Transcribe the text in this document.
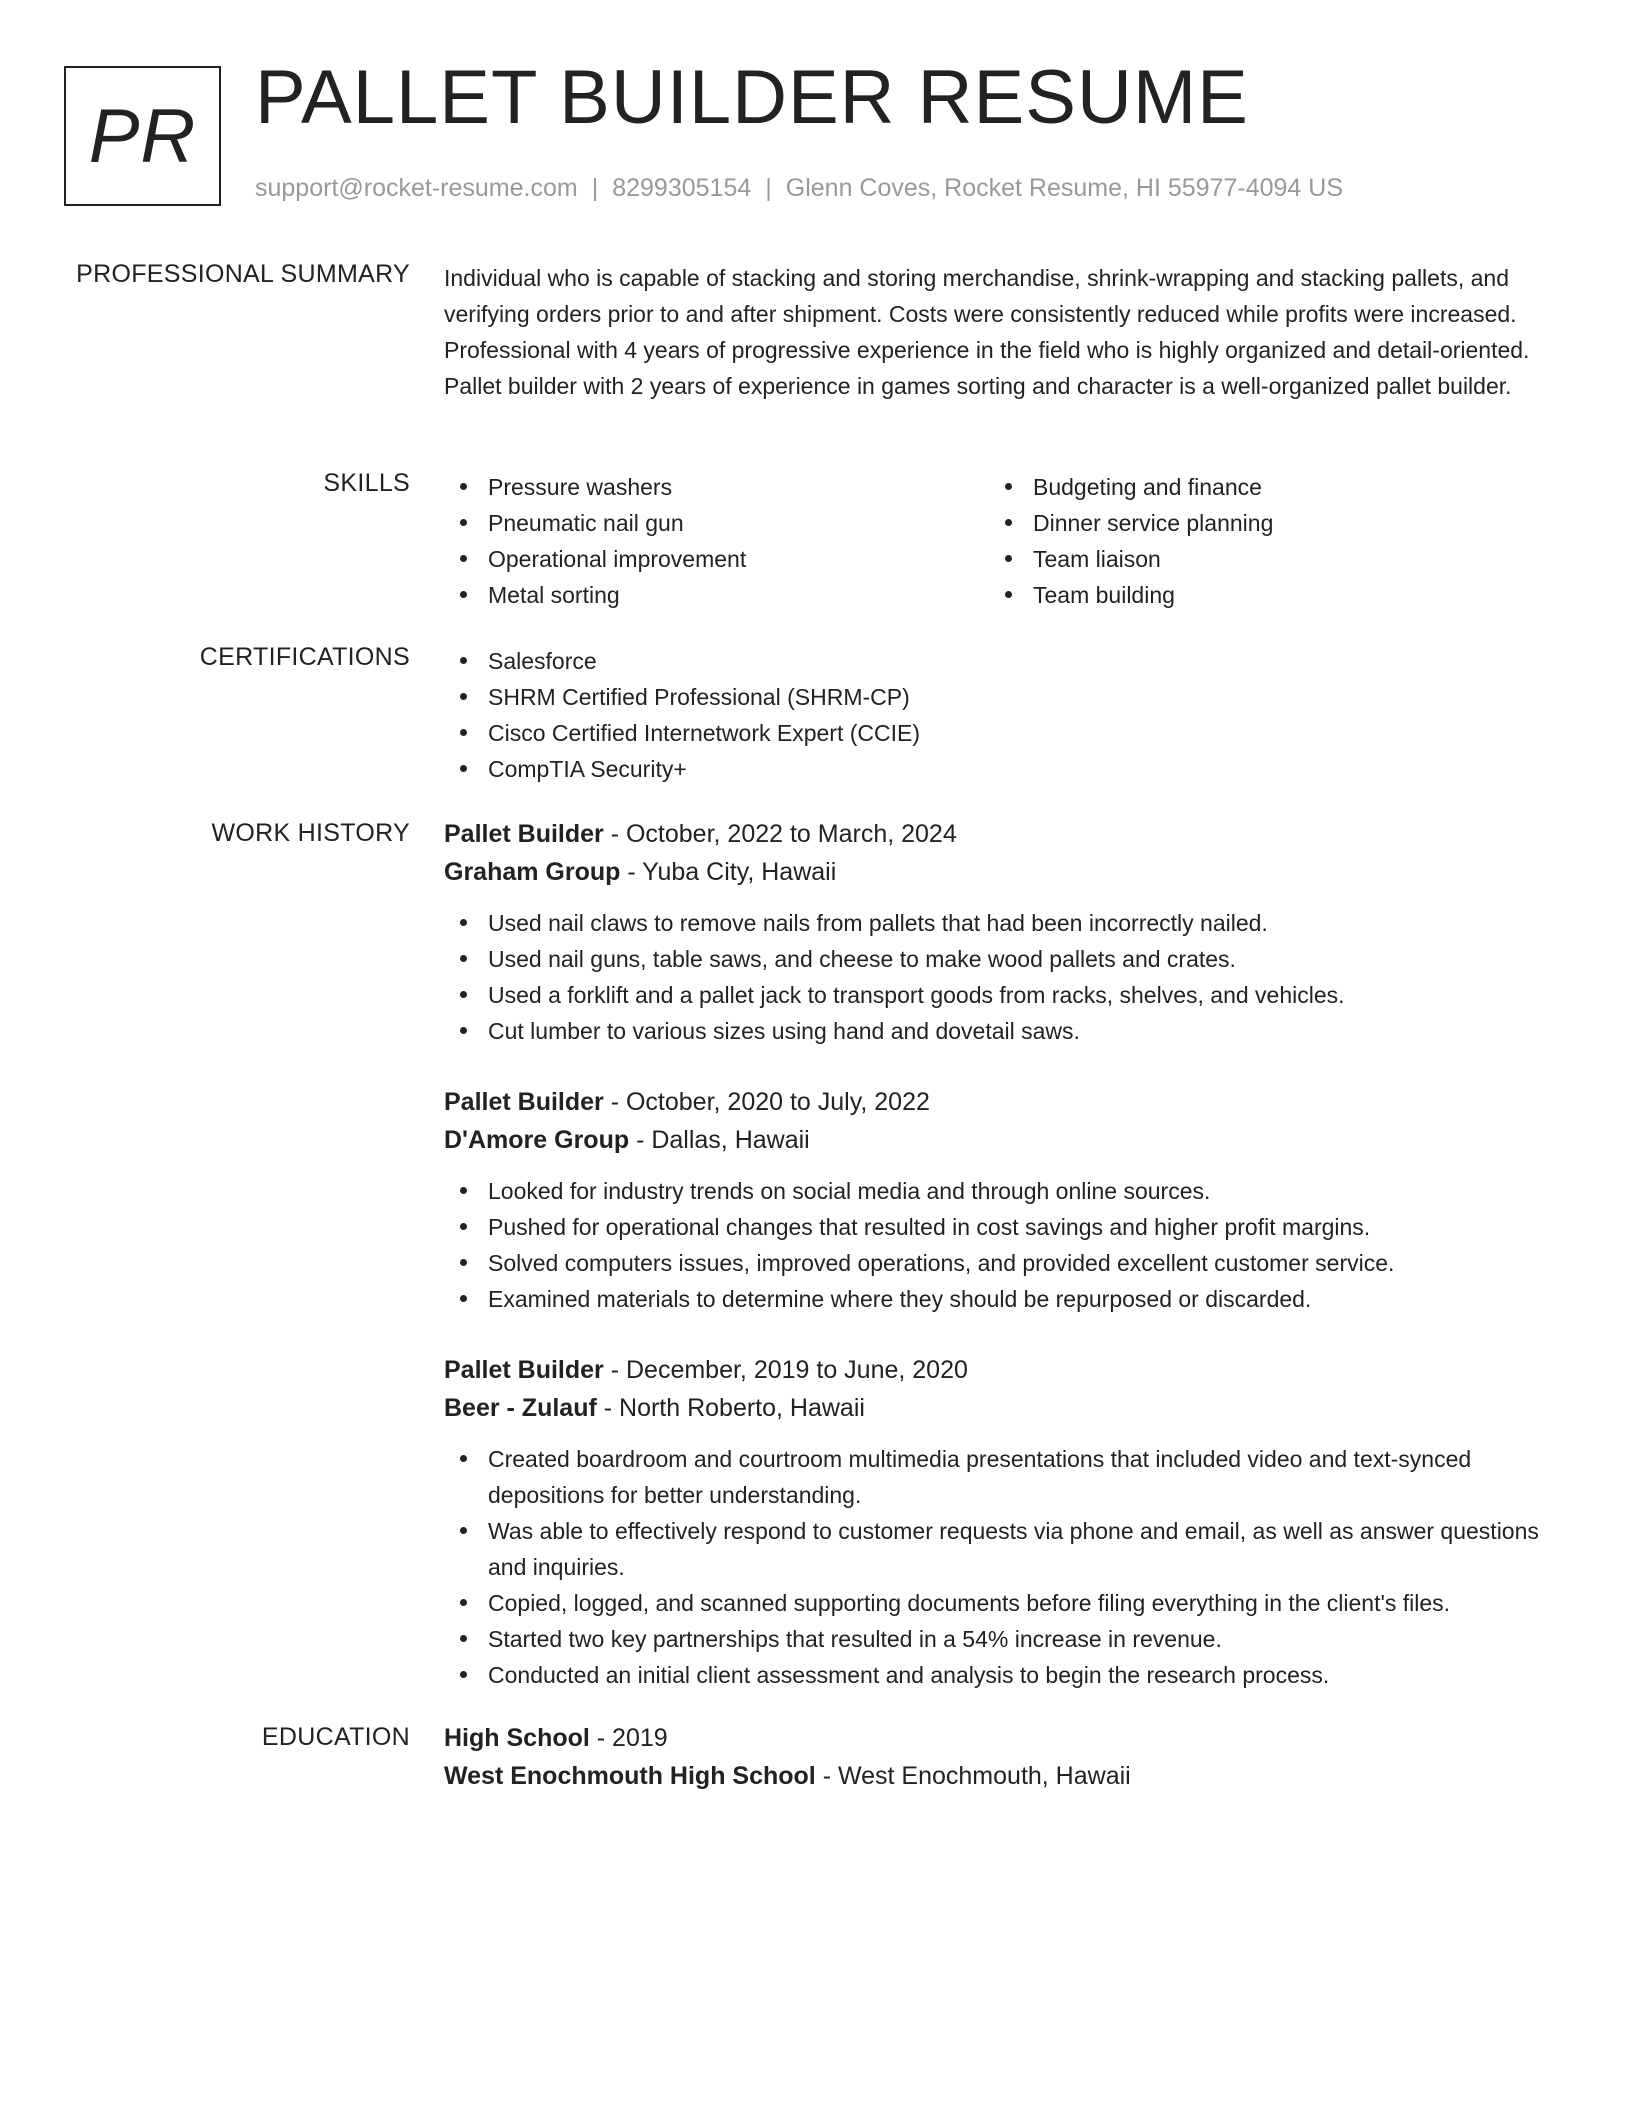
PR PALLET BUILDER RESUME
support@rocket-resume.com | 8299305154 | Glenn Coves, Rocket Resume, HI 55977-4094 US
PROFESSIONAL SUMMARY Individual who is capable of stacking and storing merchandise, shrink-wrapping and stacking pallets, and verifying orders prior to and after shipment. Costs were consistently reduced while profits were increased. Professional with 4 years of progressive experience in the field who is highly organized and detail-oriented. Pallet builder with 2 years of experience in games sorting and character is a well-organized pallet builder.

SKILLS	Pressure washers
Pneumatic nail gun
Operational improvement
Metal sorting
Budgeting and finance
Dinner service planning
Team liaison
Team building
CERTIFICATIONS	Salesforce
SHRM Certified Professional (SHRM-CP)
Cisco Certified Internetwork Expert (CCIE)
CompTIA Security+
WORK HISTORY Pallet Builder - October, 2022 to March, 2024
Graham Group - Yuba City, Hawaii
Used nail claws to remove nails from pallets that had been incorrectly nailed.
Used nail guns, table saws, and cheese to make wood pallets and crates.
Used a forklift and a pallet jack to transport goods from racks, shelves, and vehicles.
Cut lumber to various sizes using hand and dovetail saws.
Pallet Builder - October, 2020 to July, 2022
D'Amore Group - Dallas, Hawaii
Looked for industry trends on social media and through online sources.
Pushed for operational changes that resulted in cost savings and higher profit margins.
Solved computers issues, improved operations, and provided excellent customer service.
Examined materials to determine where they should be repurposed or discarded.
Pallet Builder - December, 2019 to June, 2020
Beer - Zulauf - North Roberto, Hawaii
Created boardroom and courtroom multimedia presentations that included video and text-synced depositions for better understanding.
Was able to effectively respond to customer requests via phone and email, as well as answer questions and inquiries.
Copied, logged, and scanned supporting documents before filing everything in the client's files.
Started two key partnerships that resulted in a 54% increase in revenue.
Conducted an initial client assessment and analysis to begin the research process.
EDUCATION High School - 2019
West Enochmouth High School - West Enochmouth, Hawaii
